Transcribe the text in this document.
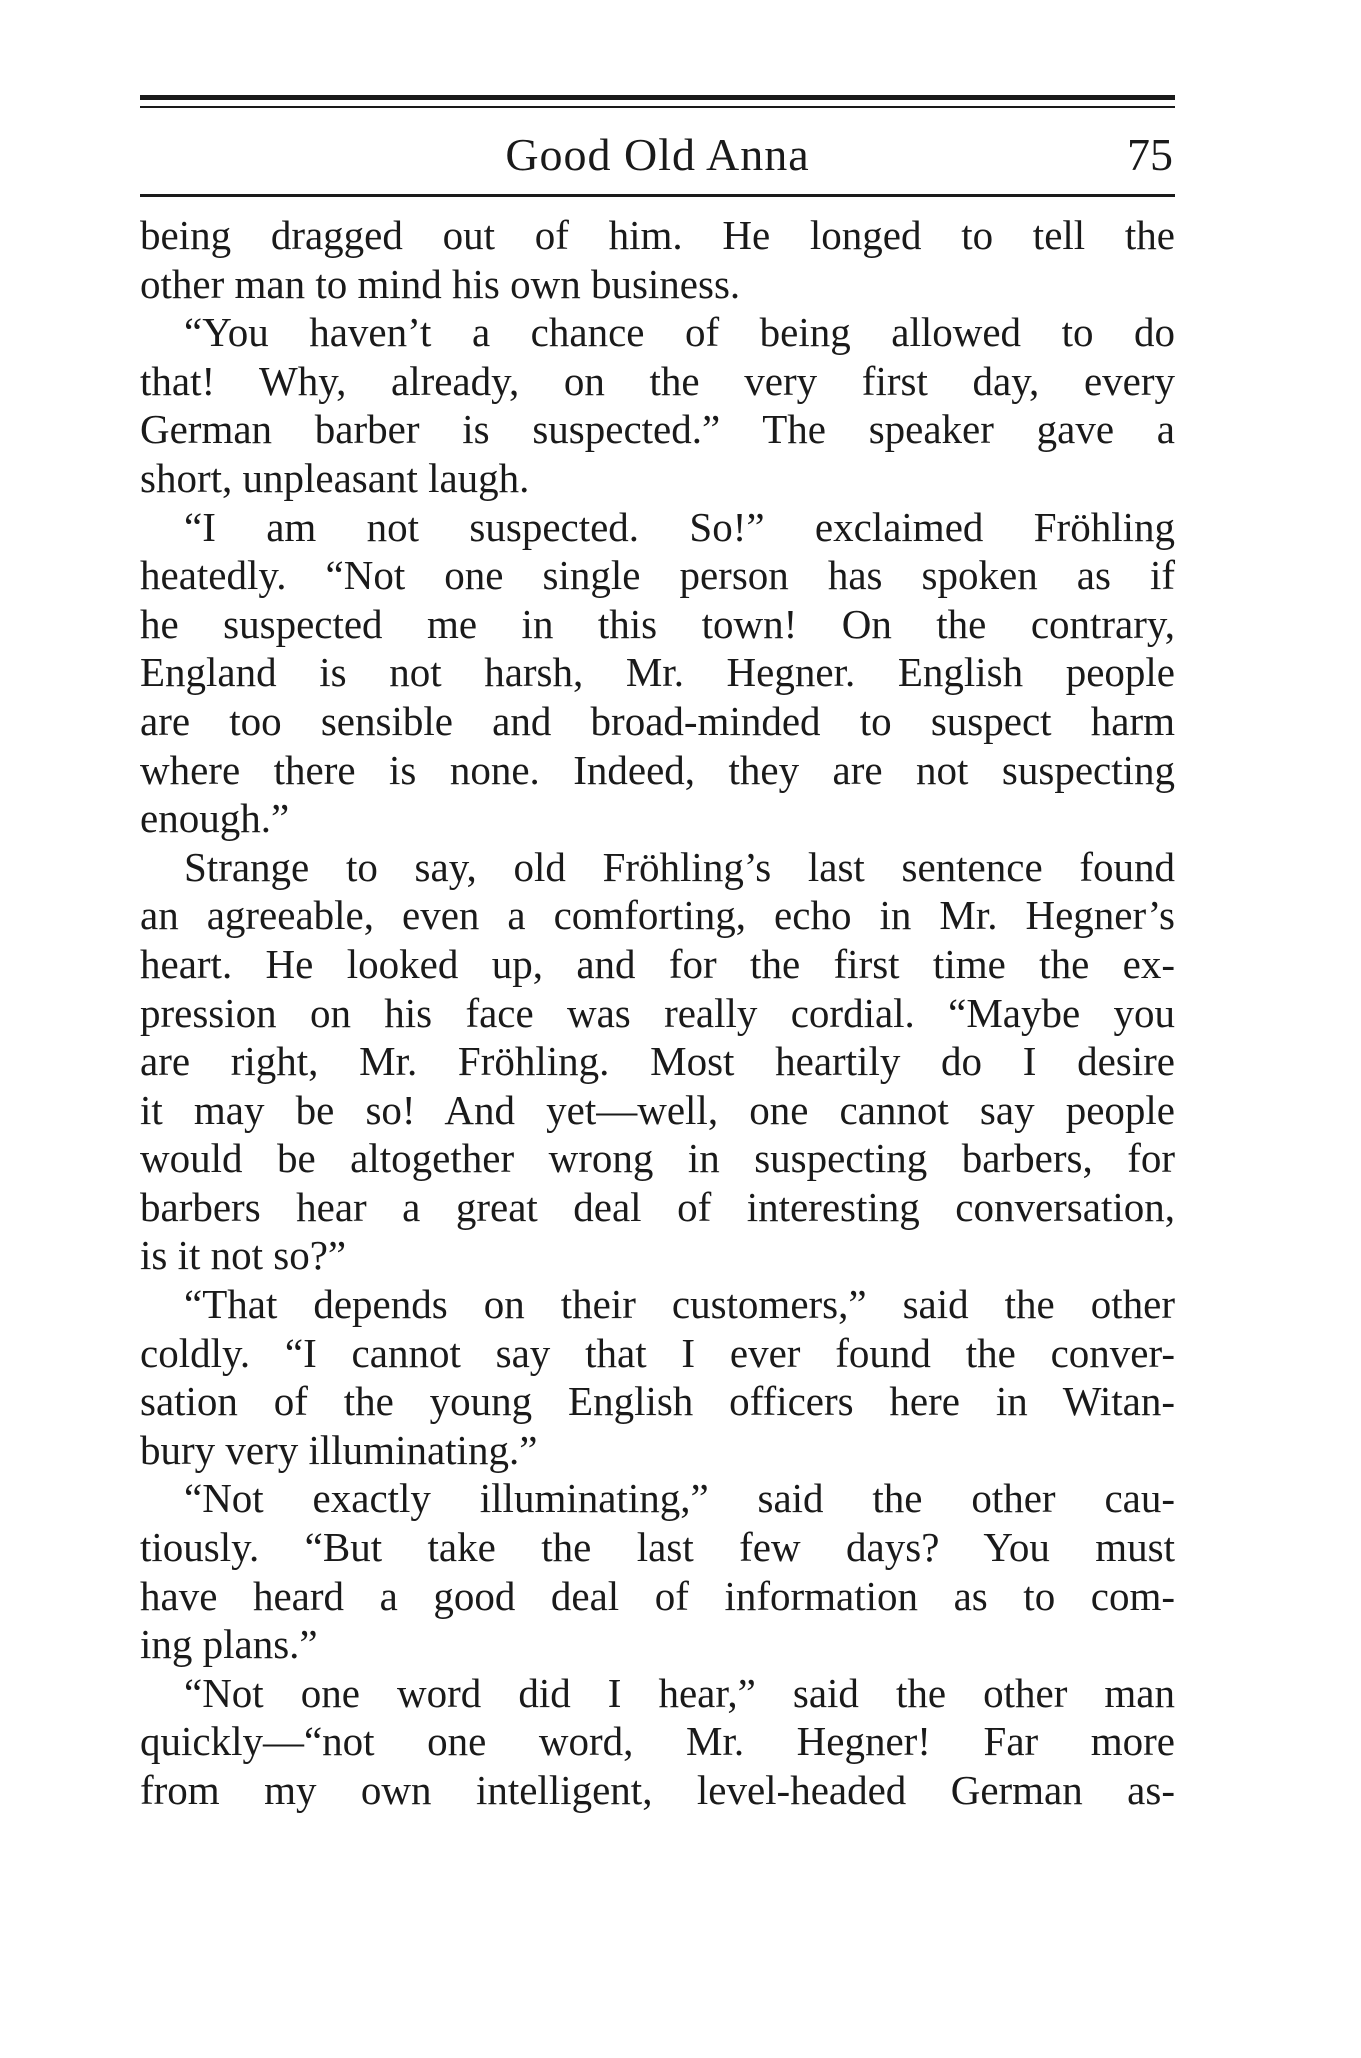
Good Old Anna	75
being dragged out of him. He longed to tell the
other man to mind his own business.
“You haven’t a chance of being allowed to do
that! Why, already, on the very first day, every
German barber is suspected.” The speaker gave a
short, unpleasant laugh.
“I am not suspected. So!” exclaimed Fröhling
heatedly. “Not one single person has spoken as if
he suspected me in this town! On the contrary,
England is not harsh, Mr. Hegner. English people
are too sensible and broad-minded to suspect harm
where there is none. Indeed, they are not suspecting
enough.”
Strange to say, old Fröhling’s last sentence found
an agreeable, even a comforting, echo in Mr. Hegner’s
heart. He looked up, and for the first time the ex-
pression on his face was really cordial. “Maybe you
are right, Mr. Fröhling. Most heartily do I desire
it may be so! And yet—well, one cannot say people
would be altogether wrong in suspecting barbers, for
barbers hear a great deal of interesting conversation,
is it not so?”
“That depends on their customers,” said the other
coldly. “I cannot say that I ever found the conver-
sation of the young English officers here in Witan-
bury very illuminating.”
“Not exactly illuminating,” said the other cau-
tiously. “But take the last few days? You must
have heard a good deal of information as to com-
ing plans.”
“Not one word did I hear,” said the other man
quickly—“not one word, Mr. Hegner! Far more
from my own intelligent, level-headed German as-
